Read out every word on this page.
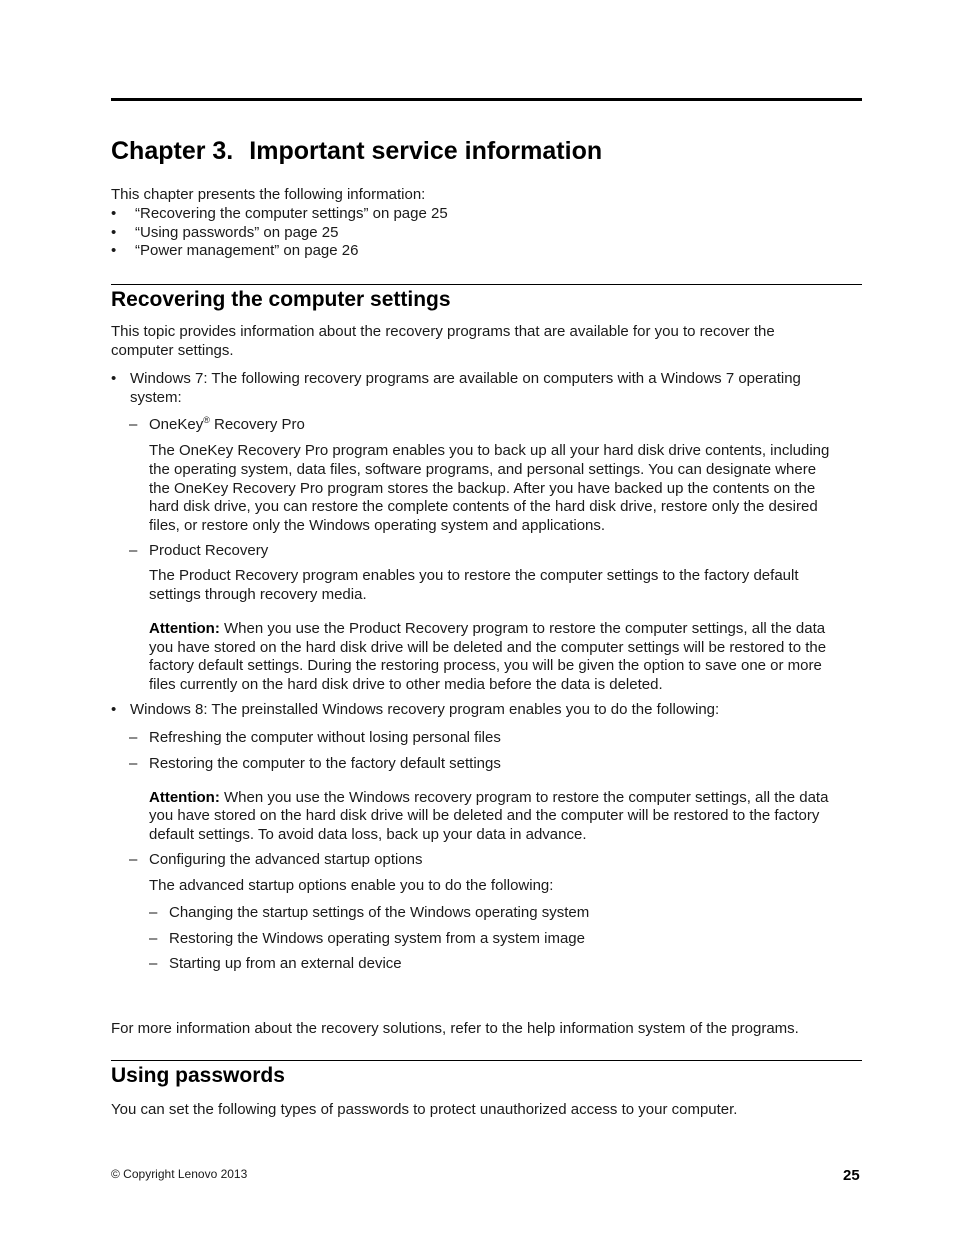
Chapter 3. Important service information
This chapter presents the following information:
• “Recovering the computer settings” on page 25
• “Using passwords” on page 25
• “Power management” on page 26
Recovering the computer settings
This topic provides information about the recovery programs that are available for you to recover the
computer settings.
• Windows 7: The following recovery programs are available on computers with a Windows 7 operating
system:
– OneKey® Recovery Pro
The OneKey Recovery Pro program enables you to back up all your hard disk drive contents, including
the operating system, data files, software programs, and personal settings. You can designate where
the OneKey Recovery Pro program stores the backup. After you have backed up the contents on the
hard disk drive, you can restore the complete contents of the hard disk drive, restore only the desired
files, or restore only the Windows operating system and applications.
– Product Recovery
The Product Recovery program enables you to restore the computer settings to the factory default
settings through recovery media.
Attention: When you use the Product Recovery program to restore the computer settings, all the data
you have stored on the hard disk drive will be deleted and the computer settings will be restored to the
factory default settings. During the restoring process, you will be given the option to save one or more
files currently on the hard disk drive to other media before the data is deleted.
• Windows 8: The preinstalled Windows recovery program enables you to do the following:
– Refreshing the computer without losing personal files
– Restoring the computer to the factory default settings
Attention: When you use the Windows recovery program to restore the computer settings, all the data
you have stored on the hard disk drive will be deleted and the computer will be restored to the factory
default settings. To avoid data loss, back up your data in advance.
– Configuring the advanced startup options
The advanced startup options enable you to do the following:
– Changing the startup settings of the Windows operating system
– Restoring the Windows operating system from a system image
– Starting up from an external device
For more information about the recovery solutions, refer to the help information system of the programs.
Using passwords
You can set the following types of passwords to protect unauthorized access to your computer.
© Copyright Lenovo 2013	25
